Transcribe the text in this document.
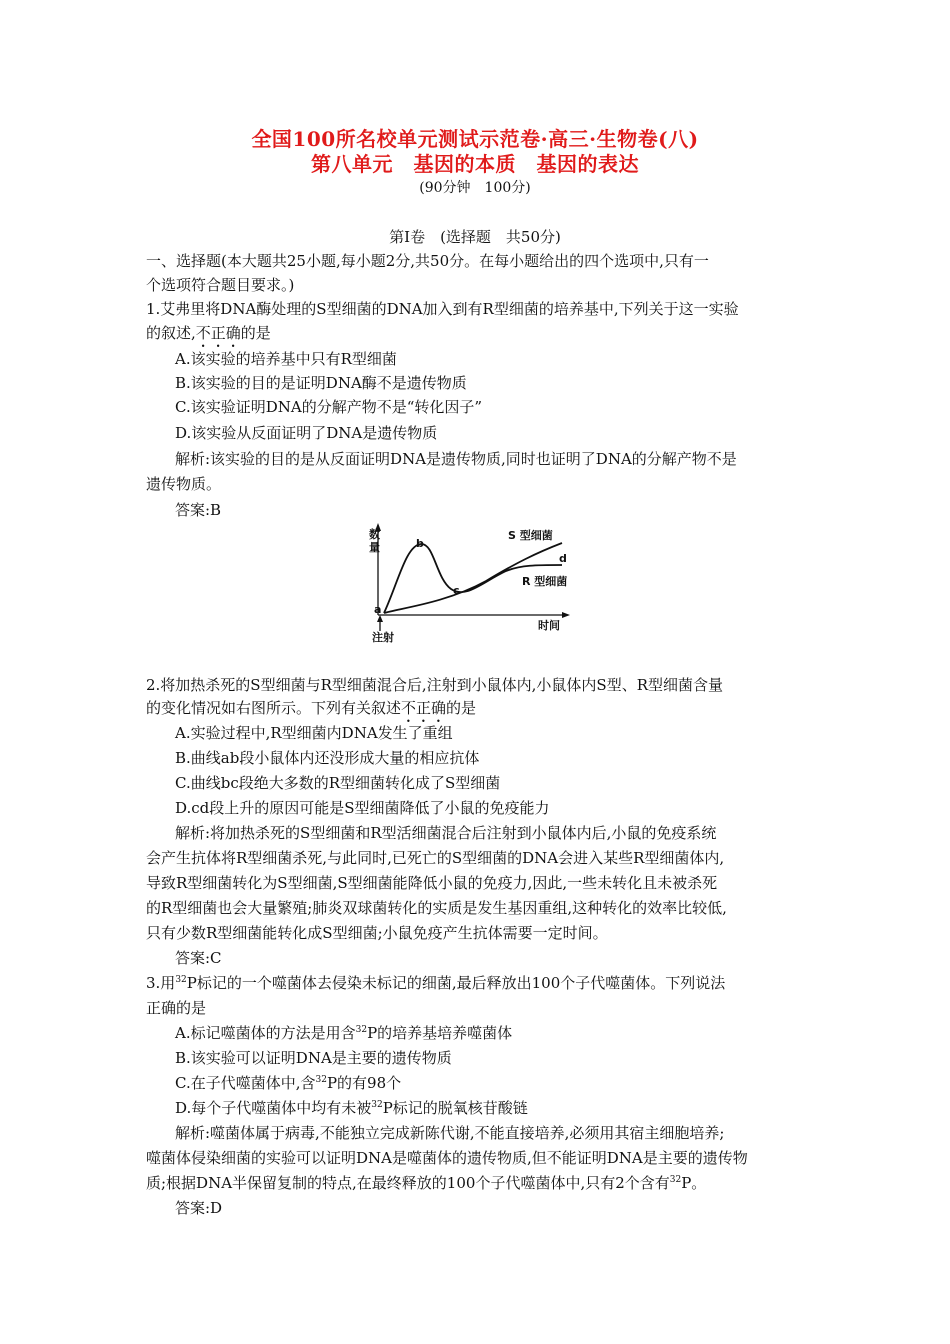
全国100所名校单元测试示范卷·高三·生物卷(八)
第八单元　基因的本质　基因的表达
(90分钟　100分)
第Ⅰ卷　(选择题　共50分)
一、选择题(本大题共25小题,每小题2分,共50分。在每小题给出的四个选项中,只有一
个选项符合题目要求。)
1.艾弗里将DNA酶处理的S型细菌的DNA加入到有R型细菌的培养基中,下列关于这一实验
的叙述,不正确的是
A.该实验的培养基中只有R型细菌
B.该实验的目的是证明DNA酶不是遗传物质
C.该实验证明DNA的分解产物不是“转化因子”
D.该实验从反面证明了DNA是遗传物质
解析:该实验的目的是从反面证明DNA是遗传物质,同时也证明了DNA的分解产物不是
遗传物质。
答案:B
数
量
时间
注射
a
b
c
d
S 型细菌
R 型细菌
2.将加热杀死的S型细菌与R型细菌混合后,注射到小鼠体内,小鼠体内S型、R型细菌含量
的变化情况如右图所示。下列有关叙述不正确的是
A.实验过程中,R型细菌内DNA发生了重组
B.曲线ab段小鼠体内还没形成大量的相应抗体
C.曲线bc段绝大多数的R型细菌转化成了S型细菌
D.cd段上升的原因可能是S型细菌降低了小鼠的免疫能力
解析:将加热杀死的S型细菌和R型活细菌混合后注射到小鼠体内后,小鼠的免疫系统
会产生抗体将R型细菌杀死,与此同时,已死亡的S型细菌的DNA会进入某些R型细菌体内,
导致R型细菌转化为S型细菌,S型细菌能降低小鼠的免疫力,因此,一些未转化且未被杀死
的R型细菌也会大量繁殖;肺炎双球菌转化的实质是发生基因重组,这种转化的效率比较低,
只有少数R型细菌能转化成S型细菌;小鼠免疫产生抗体需要一定时间。
答案:C
3.用$^{32}$P标记的一个噬菌体去侵染未标记的细菌,最后释放出100个子代噬菌体。下列说法
正确的是
A.标记噬菌体的方法是用含$^{32}$P的培养基培养噬菌体
B.该实验可以证明DNA是主要的遗传物质
C.在子代噬菌体中,含$^{32}$P的有98个
D.每个子代噬菌体中均有未被$^{32}$P标记的脱氧核苷酸链
解析:噬菌体属于病毒,不能独立完成新陈代谢,不能直接培养,必须用其宿主细胞培养;
噬菌体侵染细菌的实验可以证明DNA是噬菌体的遗传物质,但不能证明DNA是主要的遗传物
质;根据DNA半保留复制的特点,在最终释放的100个子代噬菌体中,只有2个含有$^{32}$P。
答案:D
